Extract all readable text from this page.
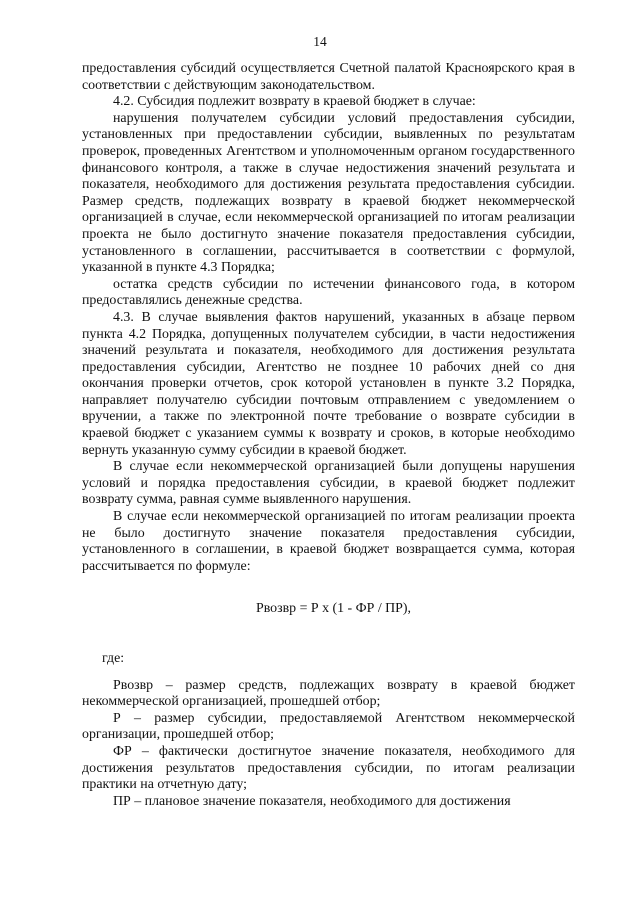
14

предоставления субсидий осуществляется Счетной палатой Красноярского края в соответствии с действующим законодательством.

4.2. Субсидия подлежит возврату в краевой бюджет в случае:

нарушения получателем субсидии условий предоставления субсидии, установленных при предоставлении субсидии, выявленных по результатам проверок, проведенных Агентством и уполномоченным органом государственного финансового контроля, а также в случае недостижения значений результата и показателя, необходимого для достижения результата предоставления субсидии. Размер средств, подлежащих возврату в краевой бюджет некоммерческой организацией в случае, если некоммерческой организацией по итогам реализации проекта не было достигнуто значение показателя предоставления субсидии, установленного в соглашении, рассчитывается в соответствии с формулой, указанной в пункте 4.3 Порядка;

остатка средств субсидии по истечении финансового года, в котором предоставлялись денежные средства.

4.3. В случае выявления фактов нарушений, указанных в абзаце первом пункта 4.2 Порядка, допущенных получателем субсидии, в части недостижения значений результата и показателя, необходимого для достижения результата предоставления субсидии, Агентство не позднее 10 рабочих дней со дня окончания проверки отчетов, срок которой установлен в пункте 3.2 Порядка, направляет получателю субсидии почтовым отправлением с уведомлением о вручении, а также по электронной почте требование о возврате субсидии в краевой бюджет с указанием суммы к возврату и сроков, в которые необходимо вернуть указанную сумму субсидии в краевой бюджет.

В случае если некоммерческой организацией были допущены нарушения условий и порядка предоставления субсидии, в краевой бюджет подлежит возврату сумма, равная сумме выявленного нарушения.

В случае если некоммерческой организацией по итогам реализации проекта не было достигнуто значение показателя предоставления субсидии, установленного в соглашении, в краевой бюджет возвращается сумма, которая рассчитывается по формуле:

Рвозвр = Р х (1 - ФР / ПР),

где:

Рвозвр – размер средств, подлежащих возврату в краевой бюджет некоммерческой организацией, прошедшей отбор;

Р – размер субсидии, предоставляемой Агентством некоммерческой организации, прошедшей отбор;

ФР – фактически достигнутое значение показателя, необходимого для достижения результатов предоставления субсидии, по итогам реализации практики на отчетную дату;

ПР – плановое значение показателя, необходимого для достижения
